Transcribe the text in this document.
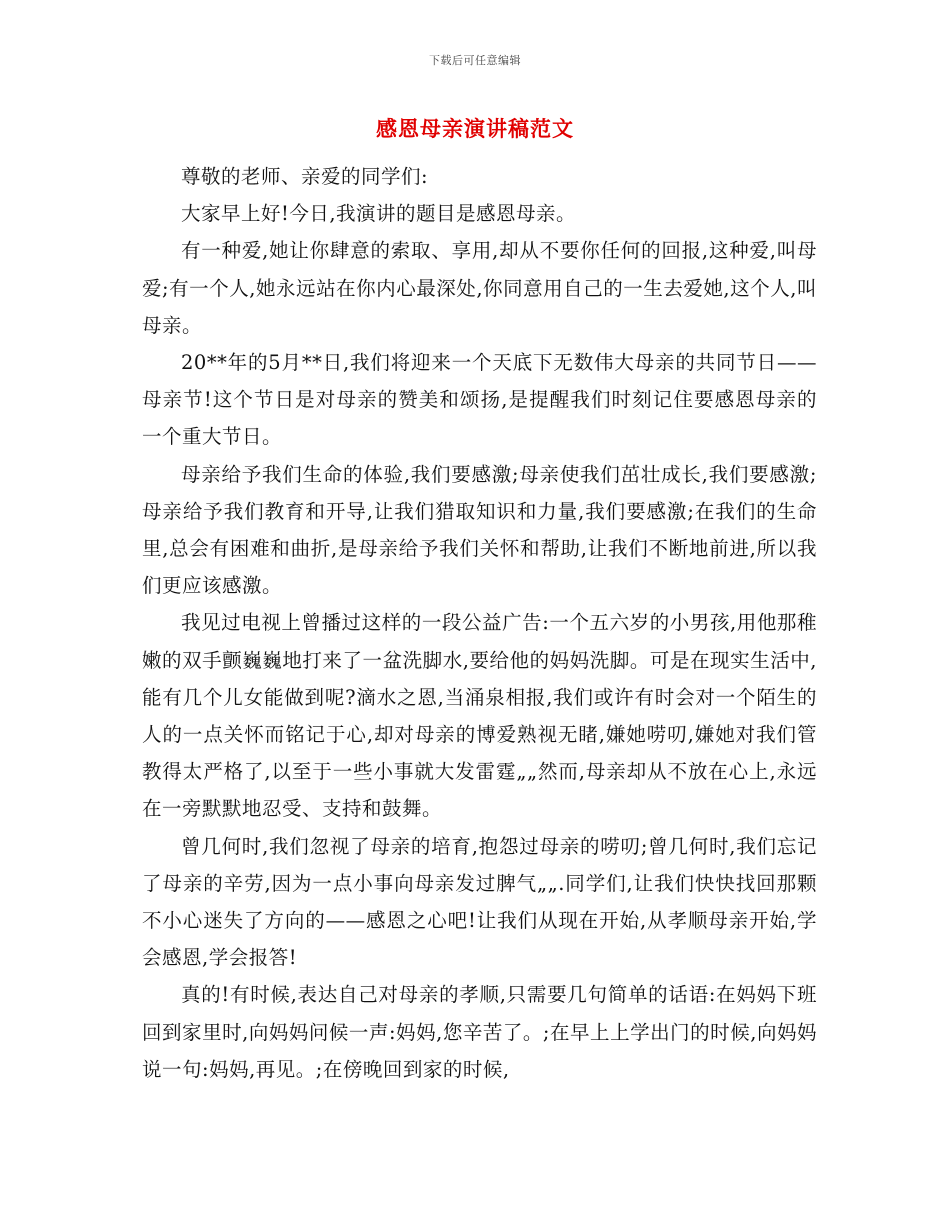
下载后可任意编辑
感恩母亲演讲稿范文

尊敬的老师、亲爱的同学们:

大家早上好!今日,我演讲的题目是感恩母亲。

有一种爱,她让你肆意的索取、享用,却从不要你任何的回报,这种爱,叫母爱;有一个人,她永远站在你内心最深处,你同意用自己的一生去爱她,这个人,叫母亲。

20**年的5月**日,我们将迎来一个天底下无数伟大母亲的共同节日——母亲节!这个节日是对母亲的赞美和颂扬,是提醒我们时刻记住要感恩母亲的一个重大节日。

母亲给予我们生命的体验,我们要感激;母亲使我们茁壮成长,我们要感激;母亲给予我们教育和开导,让我们猎取知识和力量,我们要感激;在我们的生命里,总会有困难和曲折,是母亲给予我们关怀和帮助,让我们不断地前进,所以我们更应该感激。

我见过电视上曾播过这样的一段公益广告:一个五六岁的小男孩,用他那稚嫩的双手颤巍巍地打来了一盆洗脚水,要给他的妈妈洗脚。可是在现实生活中,能有几个儿女能做到呢?滴水之恩,当涌泉相报,我们或许有时会对一个陌生的人的一点关怀而铭记于心,却对母亲的博爱熟视无睹,嫌她唠叨,嫌她对我们管教得太严格了,以至于一些小事就大发雷霆„„然而,母亲却从不放在心上,永远在一旁默默地忍受、支持和鼓舞。

曾几何时,我们忽视了母亲的培育,抱怨过母亲的唠叨;曾几何时,我们忘记了母亲的辛劳,因为一点小事向母亲发过脾气„„.同学们,让我们快快找回那颗不小心迷失了方向的——感恩之心吧!让我们从现在开始,从孝顺母亲开始,学会感恩,学会报答!

真的!有时候,表达自己对母亲的孝顺,只需要几句简单的话语:在妈妈下班回到家里时,向妈妈问候一声:妈妈,您辛苦了。;在早上上学出门的时候,向妈妈说一句:妈妈,再见。;在傍晚回到家的时候,
